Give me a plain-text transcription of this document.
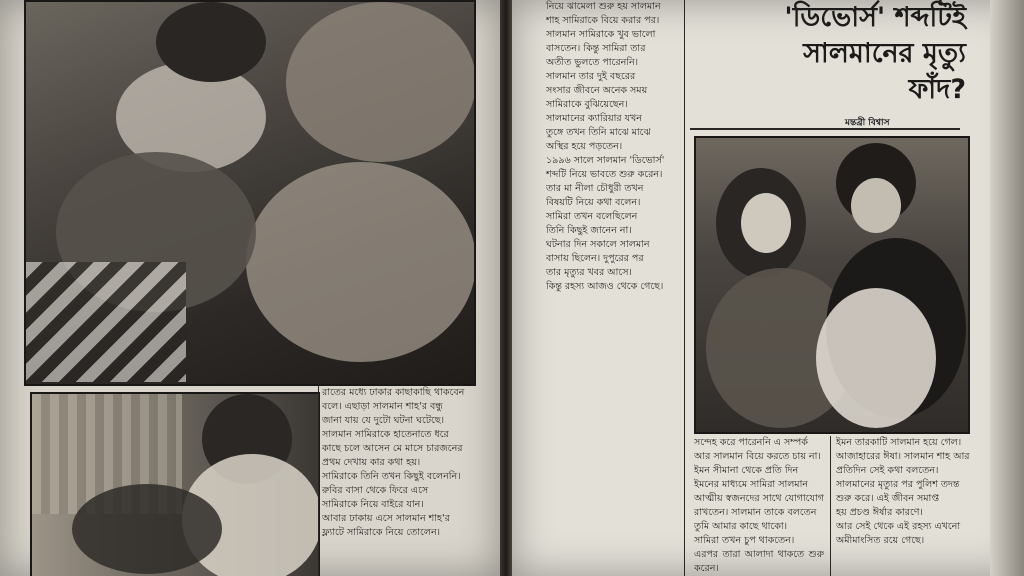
রাতের মধ্যে ঢাকার কাছাকাছি থাকবেন
বলে। এছাড়া সালমান শাহ'র বন্ধু
জানা যায় যে দুটো ঘটনা ঘটেছে।
সালমান সামিরাকে হাতেনাতে ধরে
কাছে চলে আসেন মে মাসে চারজনের
প্রথম দেখায় কার কথা হয়।
সামিরাকে তিনি তখন কিছুই বলেননি।
রুবির বাসা থেকে ফিরে এসে
সামিরাকে নিয়ে বাইরে যান।
আবার ঢাকায় এসে সালমান শাহ'র
ফ্ল্যাটে সামিরাকে নিয়ে তোলেন।
নিয়ে ঝামেলা শুরু হয় সালমান
শাহ সামিরাকে বিয়ে করার পর।
সালমান সামিরাকে খুব ভালো
বাসতেন। কিন্তু সামিরা তার
অতীত ভুলতে পারেননি।
সালমান তার দুই বছরের
সংসার জীবনে অনেক সময়
সামিরাকে বুঝিয়েছেন।
সালমানের ক্যারিয়ার যখন
তুঙ্গে তখন তিনি মাঝে মাঝে
অস্থির হয়ে পড়তেন।
১৯৯৬ সালে সালমান 'ডিভোর্স'
শব্দটি নিয়ে ভাবতে শুরু করেন।
তার মা নীলা চৌধুরী তখন
বিষয়টি নিয়ে কথা বলেন।
সামিরা তখন বলেছিলেন
তিনি কিছুই জানেন না।
ঘটনার দিন সকালে সালমান
বাসায় ছিলেন। দুপুরের পর
তার মৃত্যুর খবর আসে।
কিন্তু রহস্য আজও থেকে গেছে।
সন্দেহ করে পারেননি এ সম্পর্ক
আর সালমান বিয়ে করতে চায় না।
ইমন সীমানা থেকে প্রতি দিন
ইমনের মাধ্যমে সামিরা সালমান
আত্মীয় স্বজনদের সাথে যোগাযোগ
রাখতেন। সালমান তাকে বলতেন
তুমি আমার কাছে থাকো।
সামিরা তখন চুপ থাকতেন।
এরপর তারা আলাদা থাকতে শুরু করেন।
ইমন তারকাটি সালমান হয়ে গেল।
আজাহারের ঈষা। সালমান শাহ আর
প্রতিদিন সেই কথা বলতেন।
সালমানের মৃত্যুর পর পুলিশ তদন্ত
শুরু করে। এই জীবন সমাপ্ত
হয় প্রচণ্ড ঈর্ষার কারণে।
আর সেই থেকে এই রহস্য এখনো
অমীমাংসিত রয়ে গেছে।
'ডিভোর্স' শব্দটিই
সালমানের মৃত্যু
ফাঁদ?
মন্তব্রী বিশ্বাস
